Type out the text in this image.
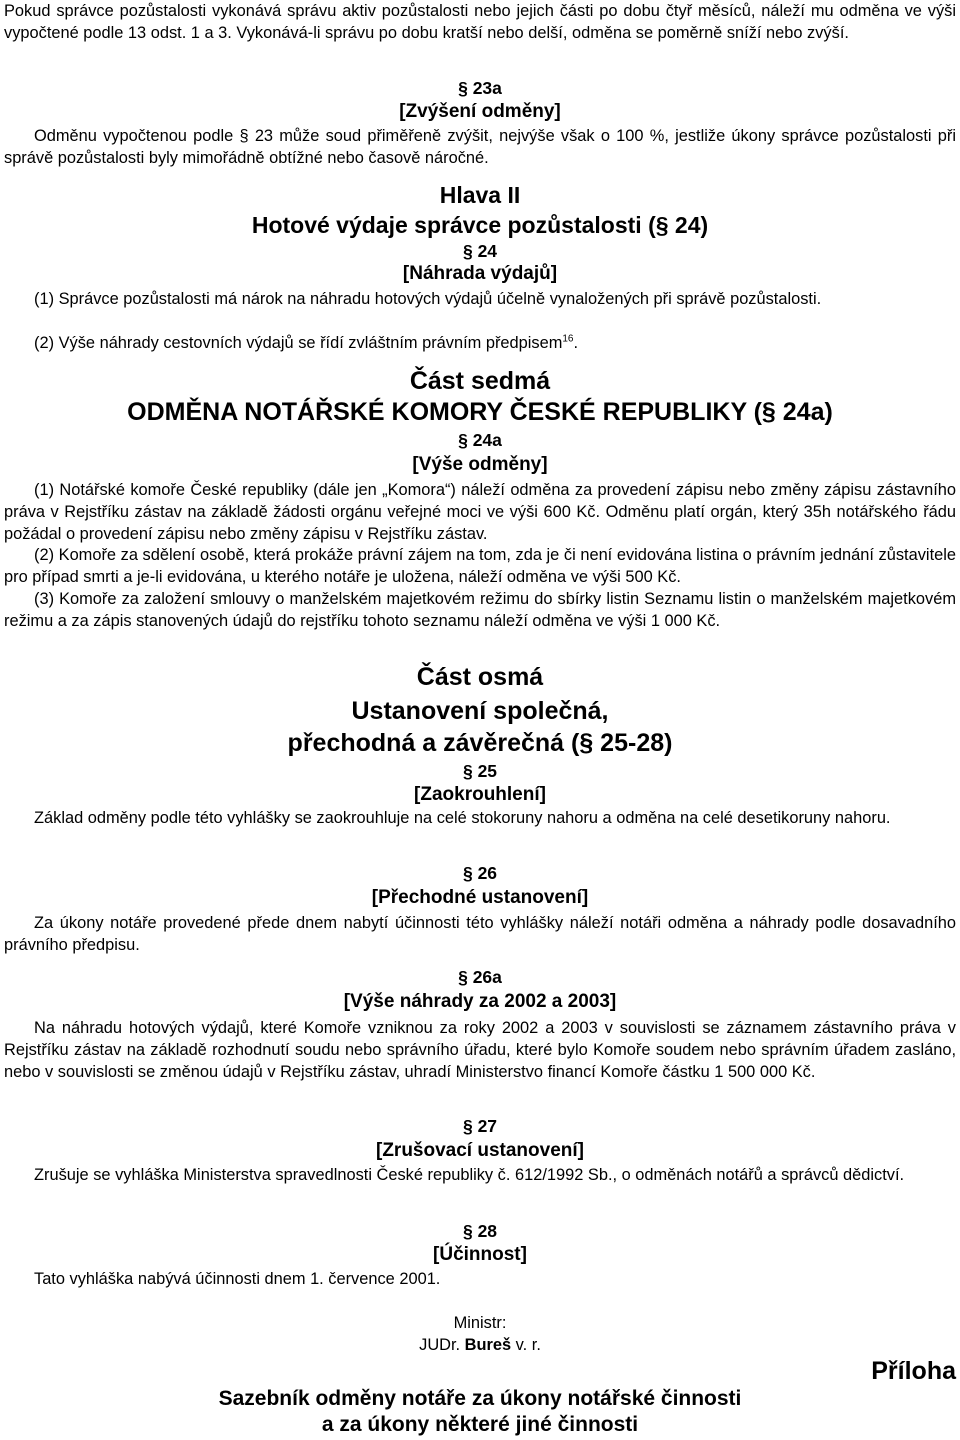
Pokud správce pozůstalosti vykonává správu aktiv pozůstalosti nebo jejich části po dobu čtyř měsíců, náleží mu odměna ve výši vypočtené podle 13 odst. 1 a 3. Vykonává-li správu po dobu kratší nebo delší, odměna se poměrně sníží nebo zvýší.

§ 23a

[Zvýšení odměny]

Odměnu vypočtenou podle § 23 může soud přiměřeně zvýšit, nejvýše však o 100 %, jestliže úkony správce pozůstalosti při správě pozůstalosti byly mimořádně obtížné nebo časově náročné.

Hlava II

Hotové výdaje správce pozůstalosti (§ 24)

§ 24

[Náhrada výdajů]

(1) Správce pozůstalosti má nárok na náhradu hotových výdajů účelně vynaložených při správě pozůstalosti.

(2) Výše náhrady cestovních výdajů se řídí zvláštním právním předpisem$^{16}$.

Část sedmá

ODMĚNA NOTÁŘSKÉ KOMORY ČESKÉ REPUBLIKY (§ 24a)

§ 24a

[Výše odměny]

(1) Notářské komoře České republiky (dále jen „Komora“) náleží odměna za provedení zápisu nebo změny zápisu zástavního práva v Rejstříku zástav na základě žádosti orgánu veřejné moci ve výši 600 Kč. Odměnu platí orgán, který 35h notářského řádu požádal o provedení zápisu nebo změny zápisu v Rejstříku zástav.

(2) Komoře za sdělení osobě, která prokáže právní zájem na tom, zda je či není evidována listina o právním jednání zůstavitele pro případ smrti a je-li evidována, u kterého notáře je uložena, náleží odměna ve výši 500 Kč.

(3) Komoře za založení smlouvy o manželském majetkovém režimu do sbírky listin Seznamu listin o manželském majetkovém režimu a za zápis stanovených údajů do rejstříku tohoto seznamu náleží odměna ve výši 1 000 Kč.

Část osmá

Ustanovení společná,

přechodná a závěrečná (§ 25-28)

§ 25

[Zaokrouhlení]

Základ odměny podle této vyhlášky se zaokrouhluje na celé stokoruny nahoru a odměna na celé desetikoruny nahoru.

§ 26

[Přechodné ustanovení]

Za úkony notáře provedené přede dnem nabytí účinnosti této vyhlášky náleží notáři odměna a náhrady podle dosavadního právního předpisu.

§ 26a

[Výše náhrady za 2002 a 2003]

Na náhradu hotových výdajů, které Komoře vzniknou za roky 2002 a 2003 v souvislosti se záznamem zástavního práva v Rejstříku zástav na základě rozhodnutí soudu nebo správního úřadu, které bylo Komoře soudem nebo správním úřadem zasláno, nebo v souvislosti se změnou údajů v Rejstříku zástav, uhradí Ministerstvo financí Komoře částku 1 500 000 Kč.

§ 27

[Zrušovací ustanovení]

Zrušuje se vyhláška Ministerstva spravedlnosti České republiky č. 612/1992 Sb., o odměnách notářů a správců dědictví.

§ 28

[Účinnost]

Tato vyhláška nabývá účinnosti dnem 1. července 2001.

Ministr:

JUDr. Bureš v. r.

Příloha

Sazebník odměny notáře za úkony notářské činnosti

a za úkony některé jiné činnosti
